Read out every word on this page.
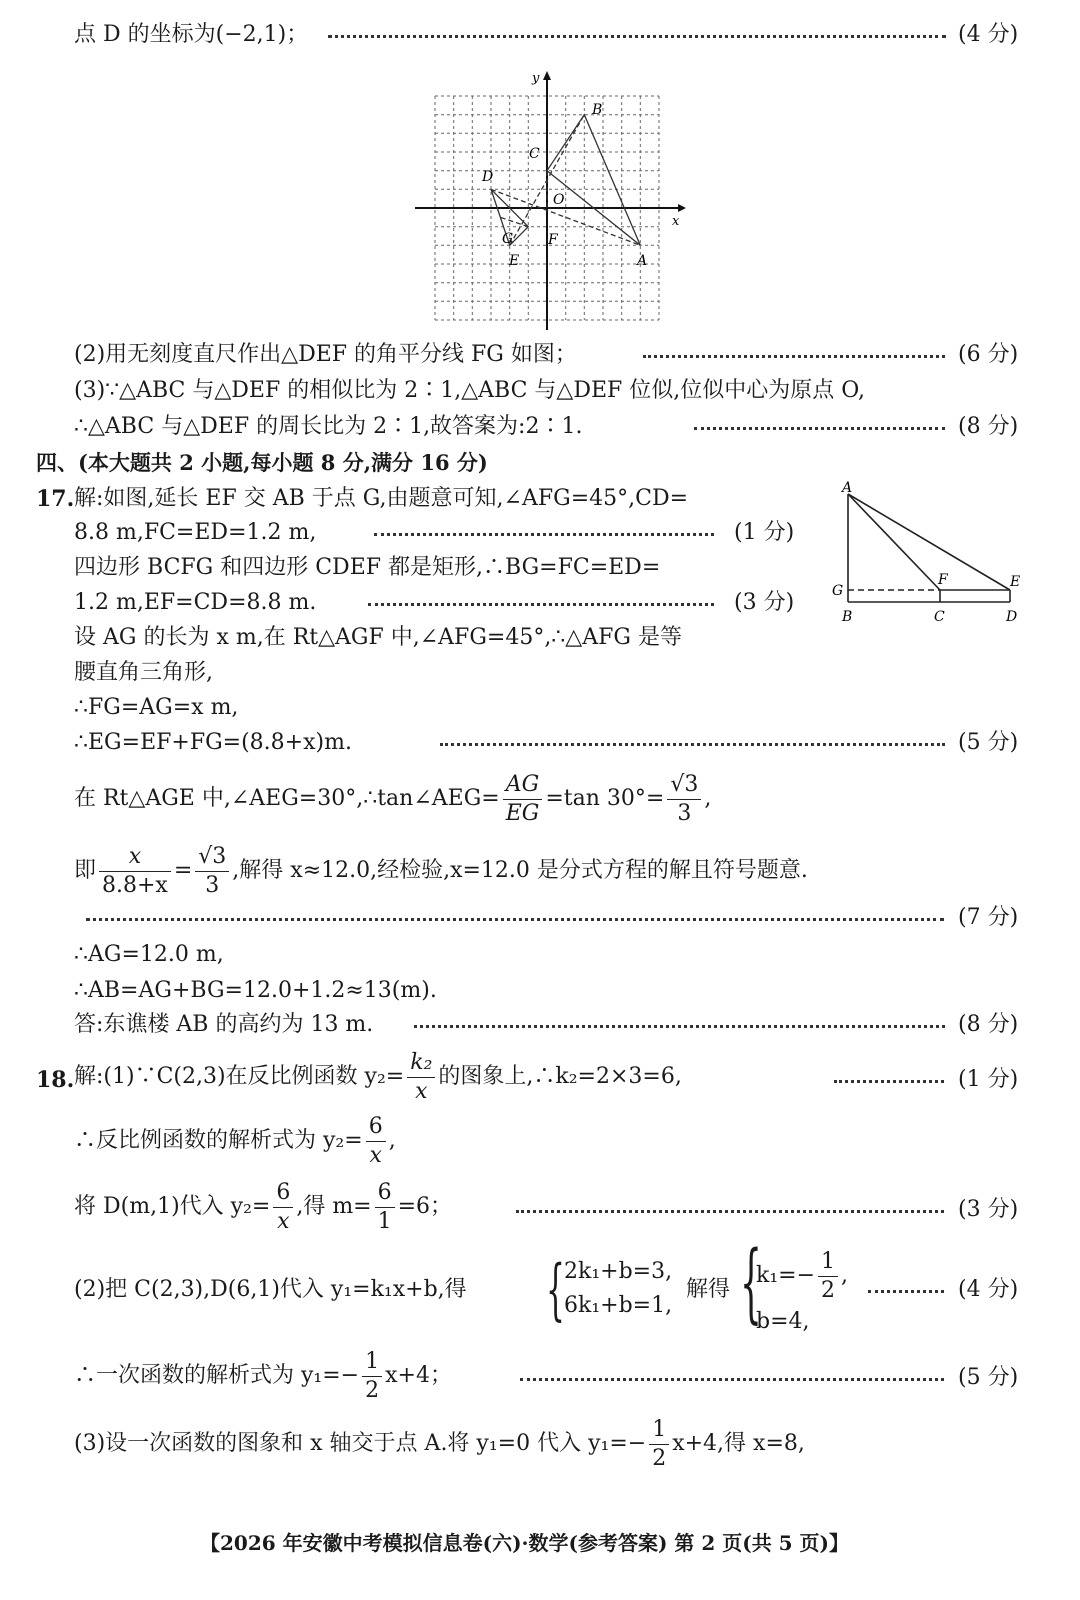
点 D 的坐标为(−2,1)；	(4 分)
y
x
O
B
C
D
A
G F
E
(2)用无刻度直尺作出△DEF 的角平分线 FG 如图；	(6 分)
(3)∵△ABC 与△DEF 的相似比为 2∶1,△ABC 与△DEF 位似,位似中心为原点 O,
∴△ABC 与△DEF 的周长比为 2∶1,故答案为:2∶1.	(8 分)
四、(本大题共 2 小题,每小题 8 分,满分 16 分)
17. 解:如图,延长 EF 交 AB 于点 G,由题意可知,∠AFG=45°,CD=
8.8 m,FC=ED=1.2 m,	(1 分)
四边形 BCFG 和四边形 CDEF 都是矩形,∴BG=FC=ED=
1.2 m,EF=CD=8.8 m.	(3 分)
设 AG 的长为 x m,在 Rt△AGF 中,∠AFG=45°,∴△AFG 是等
腰直角三角形,
∴FG=AG=x m,
∴EG=EF+FG=(8.8+x)m.	(5 分)
A
G
F	E
B	C	D
在 Rt△AGE 中,∠AEG=30°,∴tan∠AEG= $\frac{AG}{EG} =\tan$ $30^\circ= \frac{√3}{3}$ ,
即 $\frac{x}{8.8+x} = \frac{√3}{3}$ ,解得 x≈12.0,经检验,x=12.0 是分式方程的解且符号题意.
(7 分)
∴AG=12.0 m,
∴AB=AG+BG=12.0+1.2≈13(m).
答:东谯楼 AB 的高约为 13 m.	(8 分)
18. 解:(1)∵C(2,3)在反比例函数 $y_2= \frac{\text{k₂}}{x}$ 的图象上,∴k₂=2×3=6,	(1 分)
∴反比例函数的解析式为 $y_2= \frac{6}{x}$ ,
将 D(m,1)代入 $y_2= \frac{6}{x}$ ,得 $m= \frac{6}{1} =6$；	(3 分)
(2)把 C(2,3),D(6,1)代入 y₁=k₁x+b,得 { 2k₁+b=3,
6k₁+b=1,
解得 {
$k_1=- \frac{1}{2}$ ,
b=4,
(4 分)
∴一次函数的解析式为 $y_1=- \frac{1}{2} x+4$；	(5 分)
(3)设一次函数的图象和 x 轴交于点 A.将 y₁=0 代入 $y_1=- \frac{1}{2} x+4$,得 x=8,
【2026 年安徽中考模拟信息卷(六)·数学(参考答案) 第 2 页(共 5 页)】
